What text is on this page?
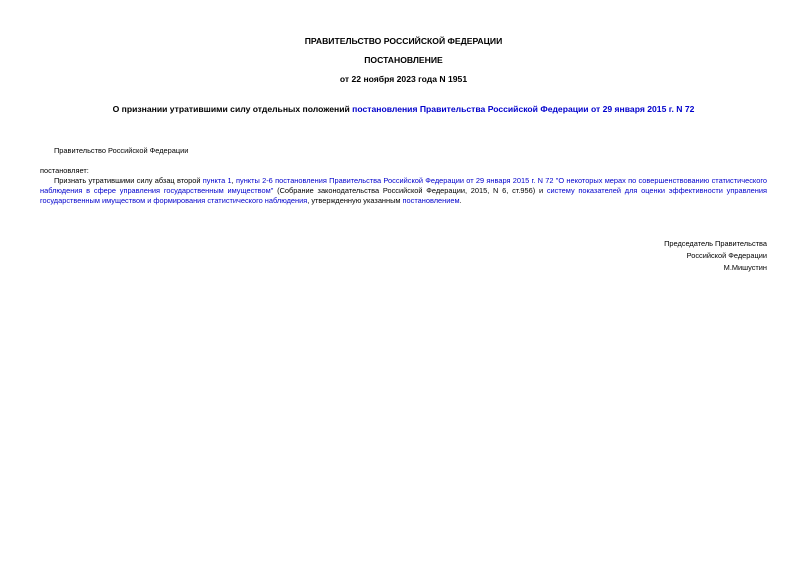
ПРАВИТЕЛЬСТВО РОССИЙСКОЙ ФЕДЕРАЦИИ
ПОСТАНОВЛЕНИЕ
от 22 ноября 2023 года N 1951
О признании утратившими силу отдельных положений постановления Правительства Российской Федерации от 29 января 2015 г. N 72
Правительство Российской Федерации
постановляет:

Признать утратившими силу абзац второй пункта 1, пункты 2-6 постановления Правительства Российской Федерации от 29 января 2015 г. N 72 "О некоторых мерах по совершенствованию статистического наблюдения в сфере управления государственным имуществом" (Собрание законодательства Российской Федерации, 2015, N 6, ст.956) и систему показателей для оценки эффективности управления государственным имуществом и формирования статистического наблюдения, утвержденную указанным постановлением.

Председатель Правительства
Российской Федерации
М.Мишустин
